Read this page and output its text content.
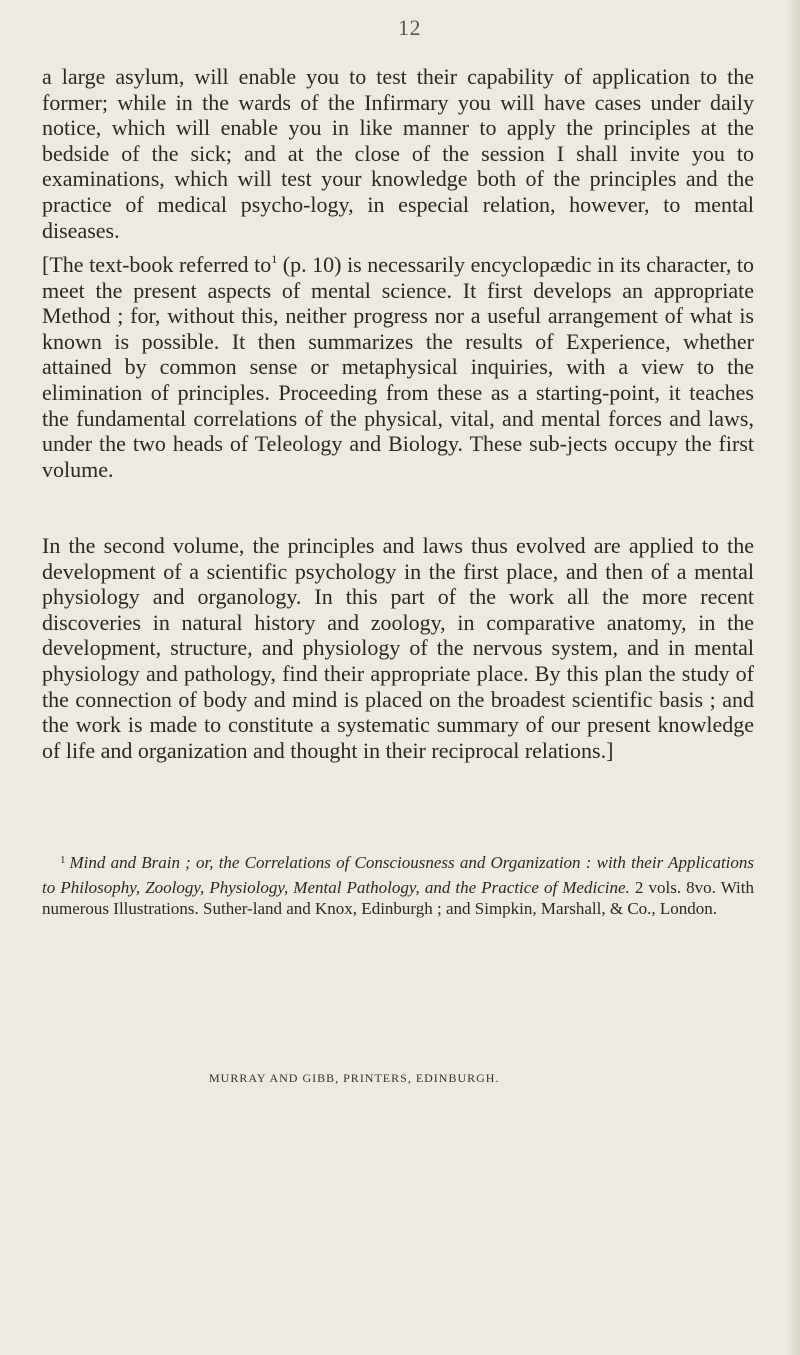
12

a large asylum, will enable you to test their capability of application to the former; while in the wards of the Infirmary you will have cases under daily notice, which will enable you in like manner to apply the principles at the bedside of the sick; and at the close of the session I shall invite you to examinations, which will test your knowledge both of the principles and the practice of medical psycho-logy, in especial relation, however, to mental diseases.

[The text-book referred $to^1$ (p. 10) is necessarily encyclopædic in its character, to meet the present aspects of mental science. It first develops an appropriate Method ; for, without this, neither progress nor a useful arrangement of what is known is possible. It then summarizes the results of Experience, whether attained by common sense or metaphysical inquiries, with a view to the elimination of principles. Proceeding from these as a starting-point, it teaches the fundamental correlations of the physical, vital, and mental forces and laws, under the two heads of Teleology and Biology. These sub-jects occupy the first volume.

In the second volume, the principles and laws thus evolved are applied to the development of a scientific psychology in the first place, and then of a mental physiology and organology. In this part of the work all the more recent discoveries in natural history and zoology, in comparative anatomy, in the development, structure, and physiology of the nervous system, and in mental physiology and pathology, find their appropriate place. By this plan the study of the connection of body and mind is placed on the broadest scientific basis ; and the work is made to constitute a systematic summary of our present knowledge of life and organization and thought in their reciprocal relations.]

$^1$ Mind and Brain ; or, the Correlations of Consciousness and Organization : with their Applications to Philosophy, Zoology, Physiology, Mental Pathology, and the Practice of Medicine. 2 vols. 8vo. With numerous Illustrations. Suther-land and Knox, Edinburgh ; and Simpkin, Marshall, & Co., London.

MURRAY AND GIBB, PRINTERS, EDINBURGH.
